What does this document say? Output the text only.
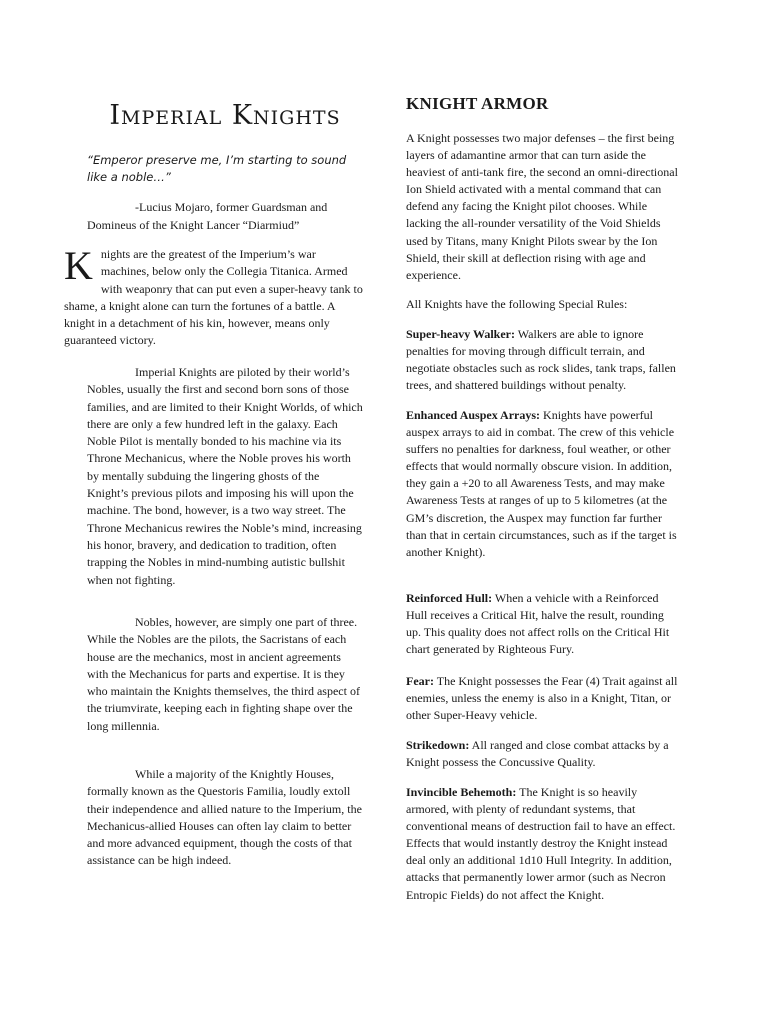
Imperial Knights

“Emperor preserve me, I’m starting to sound like a noble…”

-Lucius Mojaro, former Guardsman and
Domineus of the Knight Lancer “Diarmiud”
K nights are the greatest of the Imperium’s war machines, below only the Collegia Titanica. Armed with weaponry that can put even a super-heavy tank to shame, a knight alone can turn the fortunes of a battle. A knight in a detachment of his kin, however, means only guaranteed victory.

Imperial Knights are piloted by their world’s Nobles, usually the first and second born sons of those families, and are limited to their Knight Worlds, of which there are only a few hundred left in the galaxy. Each Noble Pilot is mentally bonded to his machine via its Throne Mechanicus, where the Noble proves his worth by mentally subduing the lingering ghosts of the Knight’s previous pilots and imposing his will upon the machine. The bond, however, is a two way street. The Throne Mechanicus rewires the Noble’s mind, increasing his honor, bravery, and dedication to tradition, often trapping the Nobles in mind-numbing autistic bullshit when not fighting.

Nobles, however, are simply one part of three. While the Nobles are the pilots, the Sacristans of each house are the mechanics, most in ancient agreements with the Mechanicus for parts and expertise. It is they who maintain the Knights themselves, the third aspect of the triumvirate, keeping each in fighting shape over the long millennia.

While a majority of the Knightly Houses, formally known as the Questoris Familia, loudly extoll their independence and allied nature to the Imperium, the Mechanicus-allied Houses can often lay claim to better and more advanced equipment, though the costs of that assistance can be high indeed.

KNIGHT ARMOR

A Knight possesses two major defenses – the first being layers of adamantine armor that can turn aside the heaviest of anti-tank fire, the second an omni-directional Ion Shield activated with a mental command that can defend any facing the Knight pilot chooses. While lacking the all-rounder versatility of the Void Shields used by Titans, many Knight Pilots swear by the Ion Shield, their skill at deflection rising with age and experience.

All Knights have the following Special Rules:

Super-heavy Walker: Walkers are able to ignore penalties for moving through difficult terrain, and negotiate obstacles such as rock slides, tank traps, fallen trees, and shattered buildings without penalty.

Enhanced Auspex Arrays: Knights have powerful auspex arrays to aid in combat. The crew of this vehicle suffers no penalties for darkness, foul weather, or other effects that would normally obscure vision. In addition, they gain a +20 to all Awareness Tests, and may make Awareness Tests at ranges of up to 5 kilometres (at the GM’s discretion, the Auspex may function far further than that in certain circumstances, such as if the target is another Knight).

Reinforced Hull: When a vehicle with a Reinforced Hull receives a Critical Hit, halve the result, rounding up. This quality does not affect rolls on the Critical Hit chart generated by Righteous Fury.

Fear: The Knight possesses the Fear (4) Trait against all enemies, unless the enemy is also in a Knight, Titan, or other Super-Heavy vehicle.

Strikedown: All ranged and close combat attacks by a Knight possess the Concussive Quality.

Invincible Behemoth: The Knight is so heavily armored, with plenty of redundant systems, that conventional means of destruction fail to have an effect. Effects that would instantly destroy the Knight instead deal only an additional 1d10 Hull Integrity. In addition, attacks that permanently lower armor (such as Necron Entropic Fields) do not affect the Knight.
